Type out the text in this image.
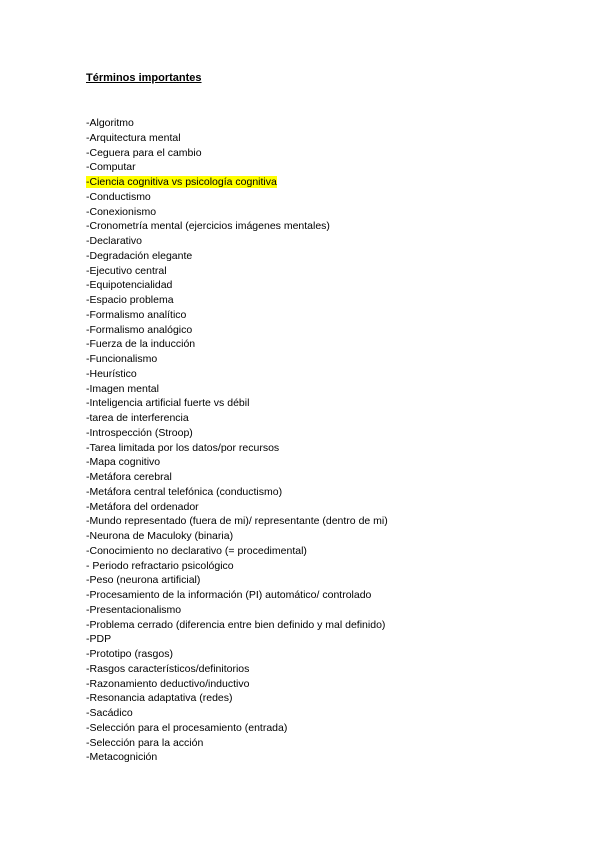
Términos importantes
-Algoritmo
-Arquitectura mental
-Ceguera para el cambio
-Computar
-Ciencia cognitiva vs psicología cognitiva
-Conductismo
-Conexionismo
-Cronometría mental (ejercicios imágenes mentales)
-Declarativo
-Degradación elegante
-Ejecutivo central
-Equipotencialidad
-Espacio problema
-Formalismo analítico
-Formalismo analógico
-Fuerza de la inducción
-Funcionalismo
-Heurístico
-Imagen mental
-Inteligencia artificial fuerte vs débil
-tarea de interferencia
-Introspección (Stroop)
-Tarea limitada por los datos/por recursos
-Mapa cognitivo
-Metáfora cerebral
-Metáfora central telefónica (conductismo)
-Metáfora del ordenador
-Mundo representado (fuera de mi)/ representante (dentro de mi)
-Neurona de Maculoky (binaria)
-Conocimiento no declarativo (= procedimental)
- Periodo refractario psicológico
-Peso (neurona artificial)
-Procesamiento de la información (PI) automático/ controlado
-Presentacionalismo
-Problema cerrado (diferencia entre bien definido y mal definido)
-PDP
-Prototipo (rasgos)
-Rasgos característicos/definitorios
-Razonamiento deductivo/inductivo
-Resonancia adaptativa (redes)
-Sacádico
-Selección para el procesamiento (entrada)
-Selección para la acción
-Metacognición
